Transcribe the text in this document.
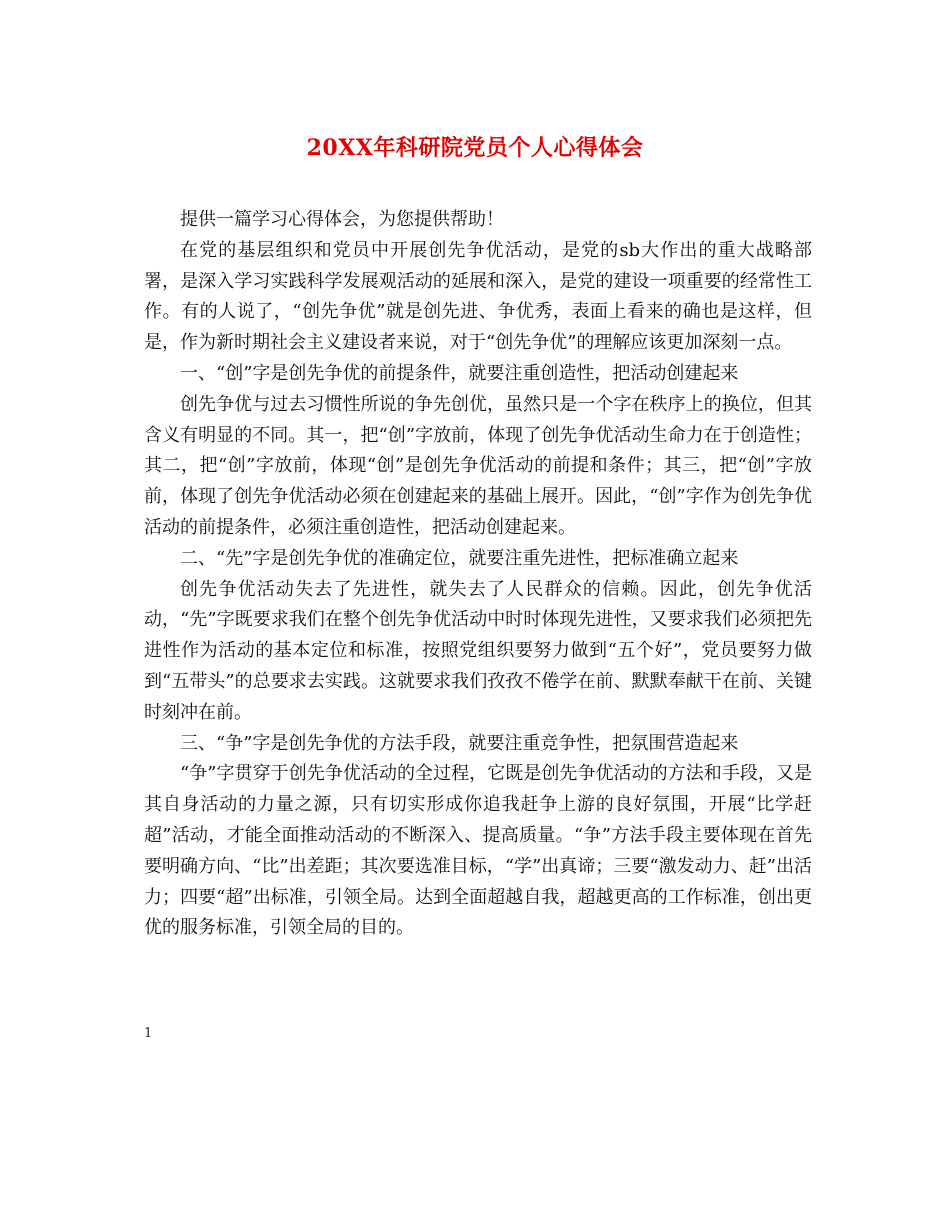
20XX年科研院党员个人心得体会

提供一篇学习心得体会，为您提供帮助！

在党的基层组织和党员中开展创先争优活动，是党的sb大作出的重大战略部署，是深入学习实践科学发展观活动的延展和深入，是党的建设一项重要的经常性工作。有的人说了，“创先争优”就是创先进、争优秀，表面上看来的确也是这样，但是，作为新时期社会主义建设者来说，对于“创先争优”的理解应该更加深刻一点。

一、“创”字是创先争优的前提条件，就要注重创造性，把活动创建起来

创先争优与过去习惯性所说的争先创优，虽然只是一个字在秩序上的换位，但其含义有明显的不同。其一，把“创”字放前，体现了创先争优活动生命力在于创造性；其二，把“创”字放前，体现“创”是创先争优活动的前提和条件；其三，把“创”字放前，体现了创先争优活动必须在创建起来的基础上展开。因此，“创”字作为创先争优活动的前提条件，必须注重创造性，把活动创建起来。

二、“先”字是创先争优的准确定位，就要注重先进性，把标准确立起来

创先争优活动失去了先进性，就失去了人民群众的信赖。因此，创先争优活动，“先”字既要求我们在整个创先争优活动中时时体现先进性，又要求我们必须把先进性作为活动的基本定位和标准，按照党组织要努力做到“五个好”，党员要努力做到“五带头”的总要求去实践。这就要求我们孜孜不倦学在前、默默奉献干在前、关键时刻冲在前。

三、“争”字是创先争优的方法手段，就要注重竞争性，把氛围营造起来

“争”字贯穿于创先争优活动的全过程，它既是创先争优活动的方法和手段，又是其自身活动的力量之源，只有切实形成你追我赶争上游的良好氛围，开展“比学赶超”活动，才能全面推动活动的不断深入、提高质量。“争”方法手段主要体现在首先要明确方向、“比”出差距；其次要选准目标，“学”出真谛；三要“激发动力、赶”出活力；四要“超”出标准，引领全局。达到全面超越自我，超越更高的工作标准，创出更优的服务标准，引领全局的目的。

1
